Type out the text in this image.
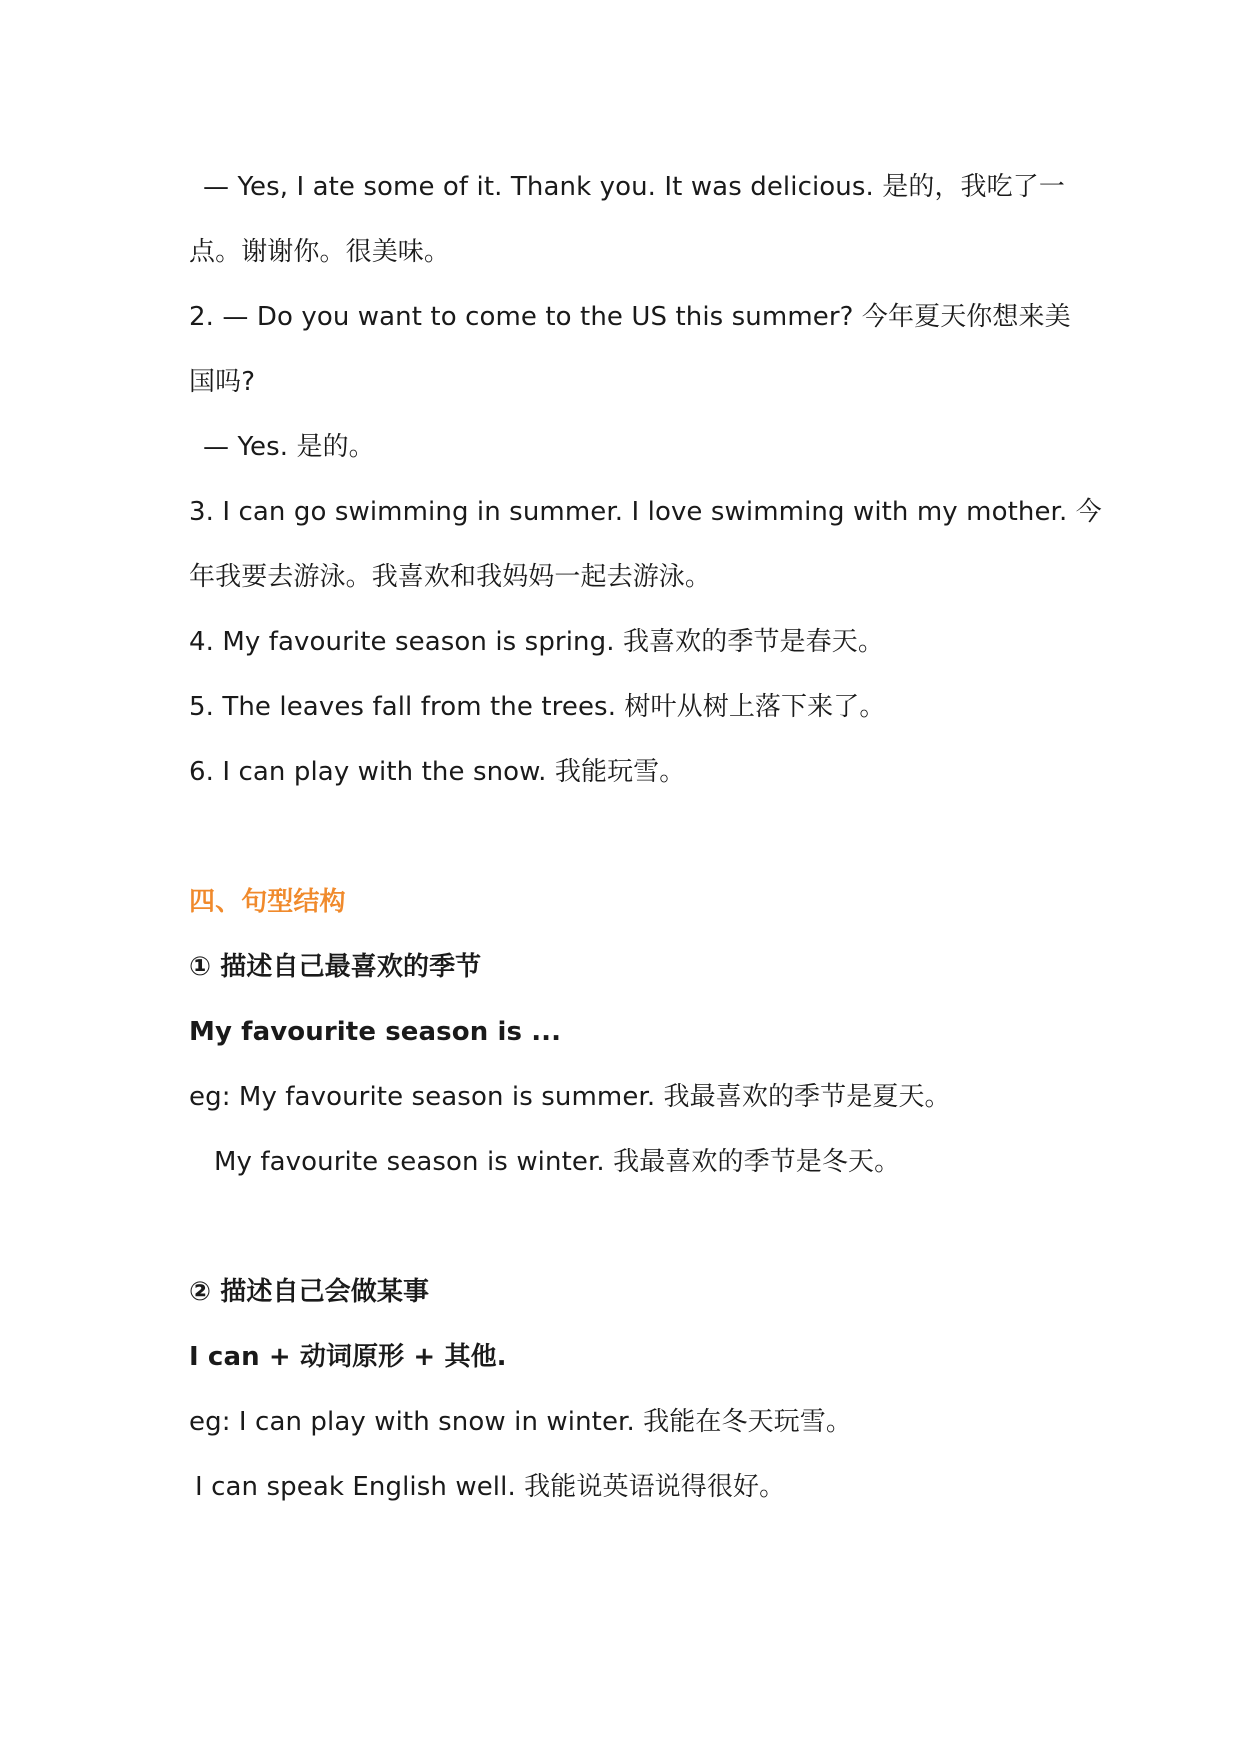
— Yes, I ate some of it. Thank you. It was delicious. 是的，我吃了一
点。谢谢你。很美味。
2. — Do you want to come to the US this summer? 今年夏天你想来美
国吗?
— Yes. 是的。
3. I can go swimming in summer. I love swimming with my mother. 今
年我要去游泳。我喜欢和我妈妈一起去游泳。
4. My favourite season is spring. 我喜欢的季节是春天。
5. The leaves fall from the trees. 树叶从树上落下来了。
6. I can play with the snow. 我能玩雪。
四、句型结构
① 描述自己最喜欢的季节
My favourite season is ...
eg: My favourite season is summer. 我最喜欢的季节是夏天。
My favourite season is winter. 我最喜欢的季节是冬天。
② 描述自己会做某事
I can + 动词原形 + 其他.
eg: I can play with snow in winter. 我能在冬天玩雪。
I can speak English well. 我能说英语说得很好。
